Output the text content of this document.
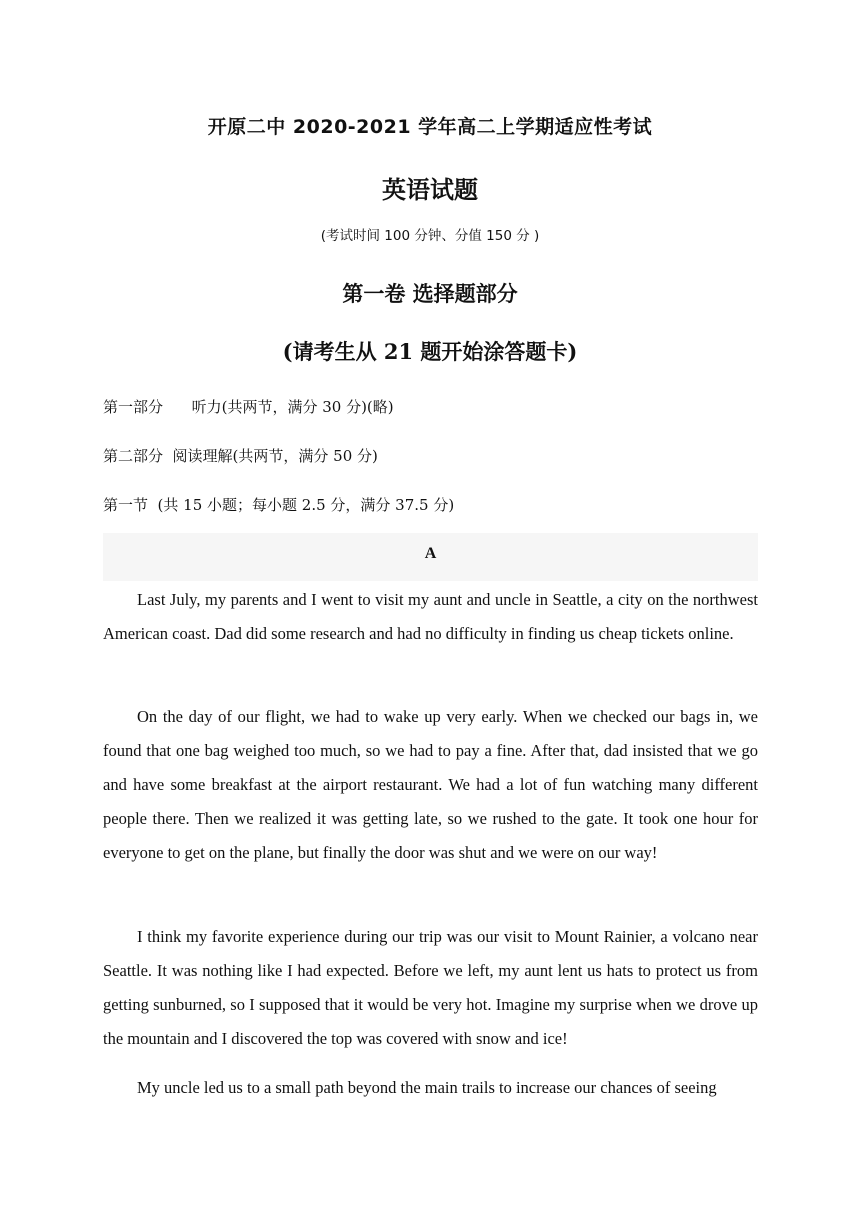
开原二中 2020-2021 学年高二上学期适应性考试
英语试题
(考试时间 100 分钟、分值 150 分 )
第一卷 选择题部分
(请考生从 21 题开始涂答题卡)
第一部分      听力(共两节，满分 30 分)(略)
第二部分  阅读理解(共两节，满分 50 分)
第一节  (共 15 小题；每小题 2.5 分，满分 37.5 分)
A

Last July, my parents and I went to visit my aunt and uncle in Seattle, a city on the northwest American coast. Dad did some research and had no difficulty in finding us cheap tickets online.

On the day of our flight, we had to wake up very early. When we checked our bags in, we found that one bag weighed too much, so we had to pay a fine. After that, dad insisted that we go and have some breakfast at the airport restaurant. We had a lot of fun watching many different people there. Then we realized it was getting late, so we rushed to the gate. It took one hour for everyone to get on the plane, but finally the door was shut and we were on our way!

I think my favorite experience during our trip was our visit to Mount Rainier, a volcano near Seattle. It was nothing like I had expected. Before we left, my aunt lent us hats to protect us from getting sunburned, so I supposed that it would be very hot. Imagine my surprise when we drove up the mountain and I discovered the top was covered with snow and ice!

My uncle led us to a small path beyond the main trails to increase our chances of seeing
